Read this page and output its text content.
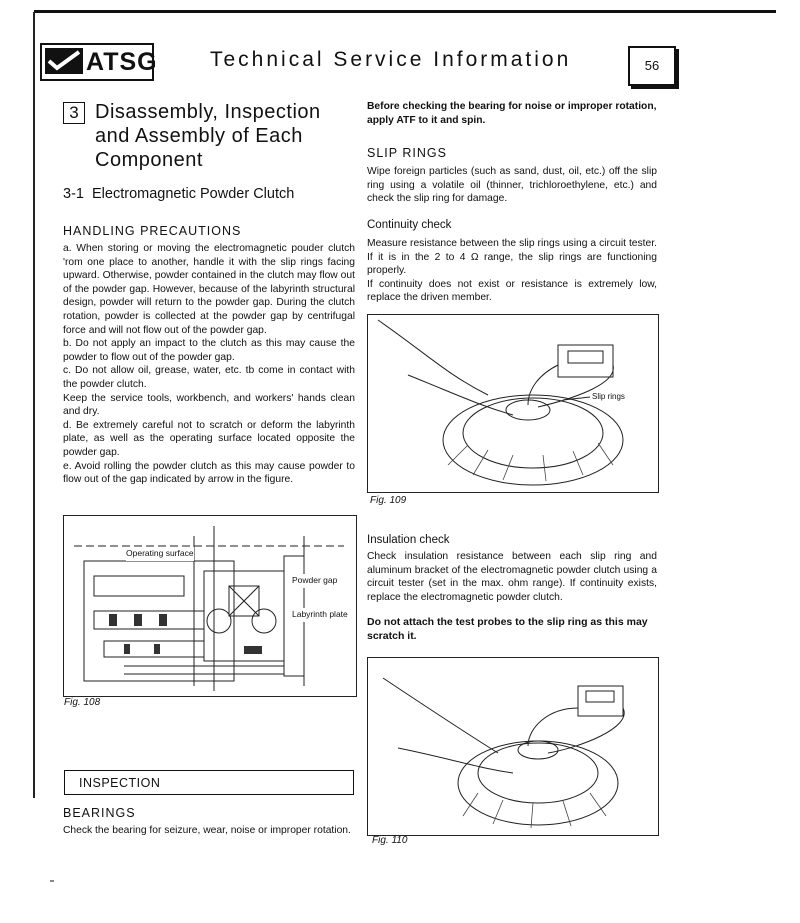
ATSG Technical Service Information	56
3 Disassembly, Inspection
and Assembly of Each
Component
3-1  Electromagnetic Powder Clutch
HANDLING PRECAUTIONS

a. When storing or moving the electromagnetic pouder clutch 'rom one place to another, handle it with the slip rings facing upward. Otherwise, powder contained in the clutch may flow out of the powder gap. However, because of the labyrinth structural design, powder will return to the powder gap. During the clutch rotation, powder is collected at the powder gap by centrifugal force and will not flow out of the powder gap.

b. Do not apply an impact to the clutch as this may cause the powder to flow out of the powder gap.

c. Do not allow oil, grease, water, etc. tb come in contact with the powder clutch.

Keep the service tools, workbench, and workers' hands clean and dry.

d. Be extremely careful not to scratch or deform the labyrinth plate, as well as the operating surface located opposite the powder gap.

e. Avoid rolling the powder clutch as this may cause powder to flow out of the gap indicated by arrow in the figure.

Operating surface
Powder gap
Labyrinth plate
Fig. 108
INSPECTION
BEARINGS
Check the bearing for seizure, wear, noise or improper rotation.
Before checking the bearing for noise or improper rotation, apply ATF to it and spin.
SLIP RINGS
Wipe foreign particles (such as sand, dust, oil, etc.) off the slip ring using a volatile oil (thinner, trichloroethylene, etc.) and check the slip ring for damage.
Continuity check
Measure resistance between the slip rings using a circuit tester. If it is in the 2 to 4 Ω range, the slip rings are functioning properly.
If continuity does not exist or resistance is extremely low, replace the driven member.
Slip rings
Fig. 109
Insulation check
Check insulation resistance between each slip ring and aluminum bracket of the electromagnetic powder clutch using a circuit tester (set in the max. ohm range). If continuity exists, replace the electromagnetic powder clutch.
Do not attach the test probes to the slip ring as this may scratch it.
Fig. 110
